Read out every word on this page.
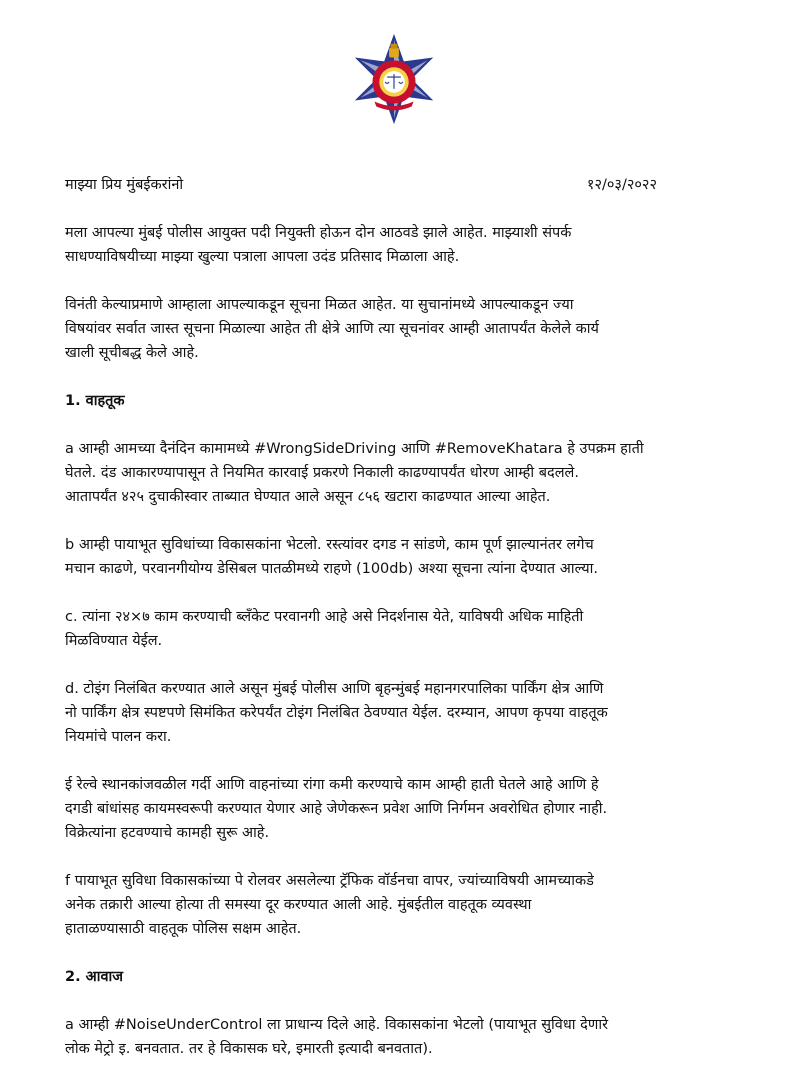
माझ्या प्रिय मुंबईकरांनो	१२/०३/२०२२
मला आपल्या मुंबई पोलीस आयुक्त पदी नियुक्ती होऊन दोन आठवडे झाले आहेत. माझ्याशी संपर्क
साधण्याविषयीच्या माझ्या खुल्या पत्राला आपला उदंड प्रतिसाद मिळाला आहे.
विनंती केल्याप्रमाणे आम्हाला आपल्याकडून सूचना मिळत आहेत. या सुचानांमध्ये आपल्याकडून ज्या
विषयांवर सर्वात जास्त सूचना मिळाल्या आहेत ती क्षेत्रे आणि त्या सूचनांवर आम्ही आतापर्यंत केलेले कार्य
खाली सूचीबद्ध केले आहे.
1. वाहतूक
a आम्ही आमच्या दैनंदिन कामामध्ये #WrongSideDriving आणि #RemoveKhatara हे उपक्रम हाती
घेतले. दंड आकारण्यापासून ते नियमित कारवाई प्रकरणे निकाली काढण्यापर्यंत धोरण आम्ही बदलले.
आतापर्यंत ४२५ दुचाकीस्वार ताब्यात घेण्यात आले असून ८५६ खटारा काढण्यात आल्या आहेत.
b आम्ही पायाभूत सुविधांच्या विकासकांना भेटलो. रस्त्यांवर दगड न सांडणे, काम पूर्ण झाल्यानंतर लगेच
मचान काढणे, परवानगीयोग्य डेसिबल पातळीमध्ये राहणे (100db) अश्या सूचना त्यांना देण्यात आल्या.
c. त्यांना २४×७ काम करण्याची ब्लँकेट परवानगी आहे असे निदर्शनास येते, याविषयी अधिक माहिती
मिळविण्यात येईल.
d. टोइंग निलंबित करण्यात आले असून मुंबई पोलीस आणि बृहन्मुंबई महानगरपालिका पार्किंग क्षेत्र आणि
नो पार्किंग क्षेत्र स्पष्टपणे सिमंकित करेपर्यंत टोइंग निलंबित ठेवण्यात येईल. दरम्यान, आपण कृपया वाहतूक
नियमांचे पालन करा.
ई रेल्वे स्थानकांजवळील गर्दी आणि वाहनांच्या रांगा कमी करण्याचे काम आम्ही हाती घेतले आहे आणि हे
दगडी बांधांसह कायमस्वरूपी करण्यात येणार आहे जेणेकरून प्रवेश आणि निर्गमन अवरोधित होणार नाही.
विक्रेत्यांना हटवण्याचे कामही सुरू आहे.
f पायाभूत सुविधा विकासकांच्या पे रोलवर असलेल्या ट्रॅफिक वॉर्डनचा वापर, ज्यांच्याविषयी आमच्याकडे
अनेक तक्रारी आल्या होत्या ती समस्या दूर करण्यात आली आहे. मुंबईतील वाहतूक व्यवस्था
हाताळण्यासाठी वाहतूक पोलिस सक्षम आहेत.
2. आवाज
a आम्ही #NoiseUnderControl ला प्राधान्य दिले आहे. विकासकांना भेटलो (पायाभूत सुविधा देणारे
लोक मेट्रो इ. बनवतात. तर हे विकासक घरे, इमारती इत्यादी बनवतात).
